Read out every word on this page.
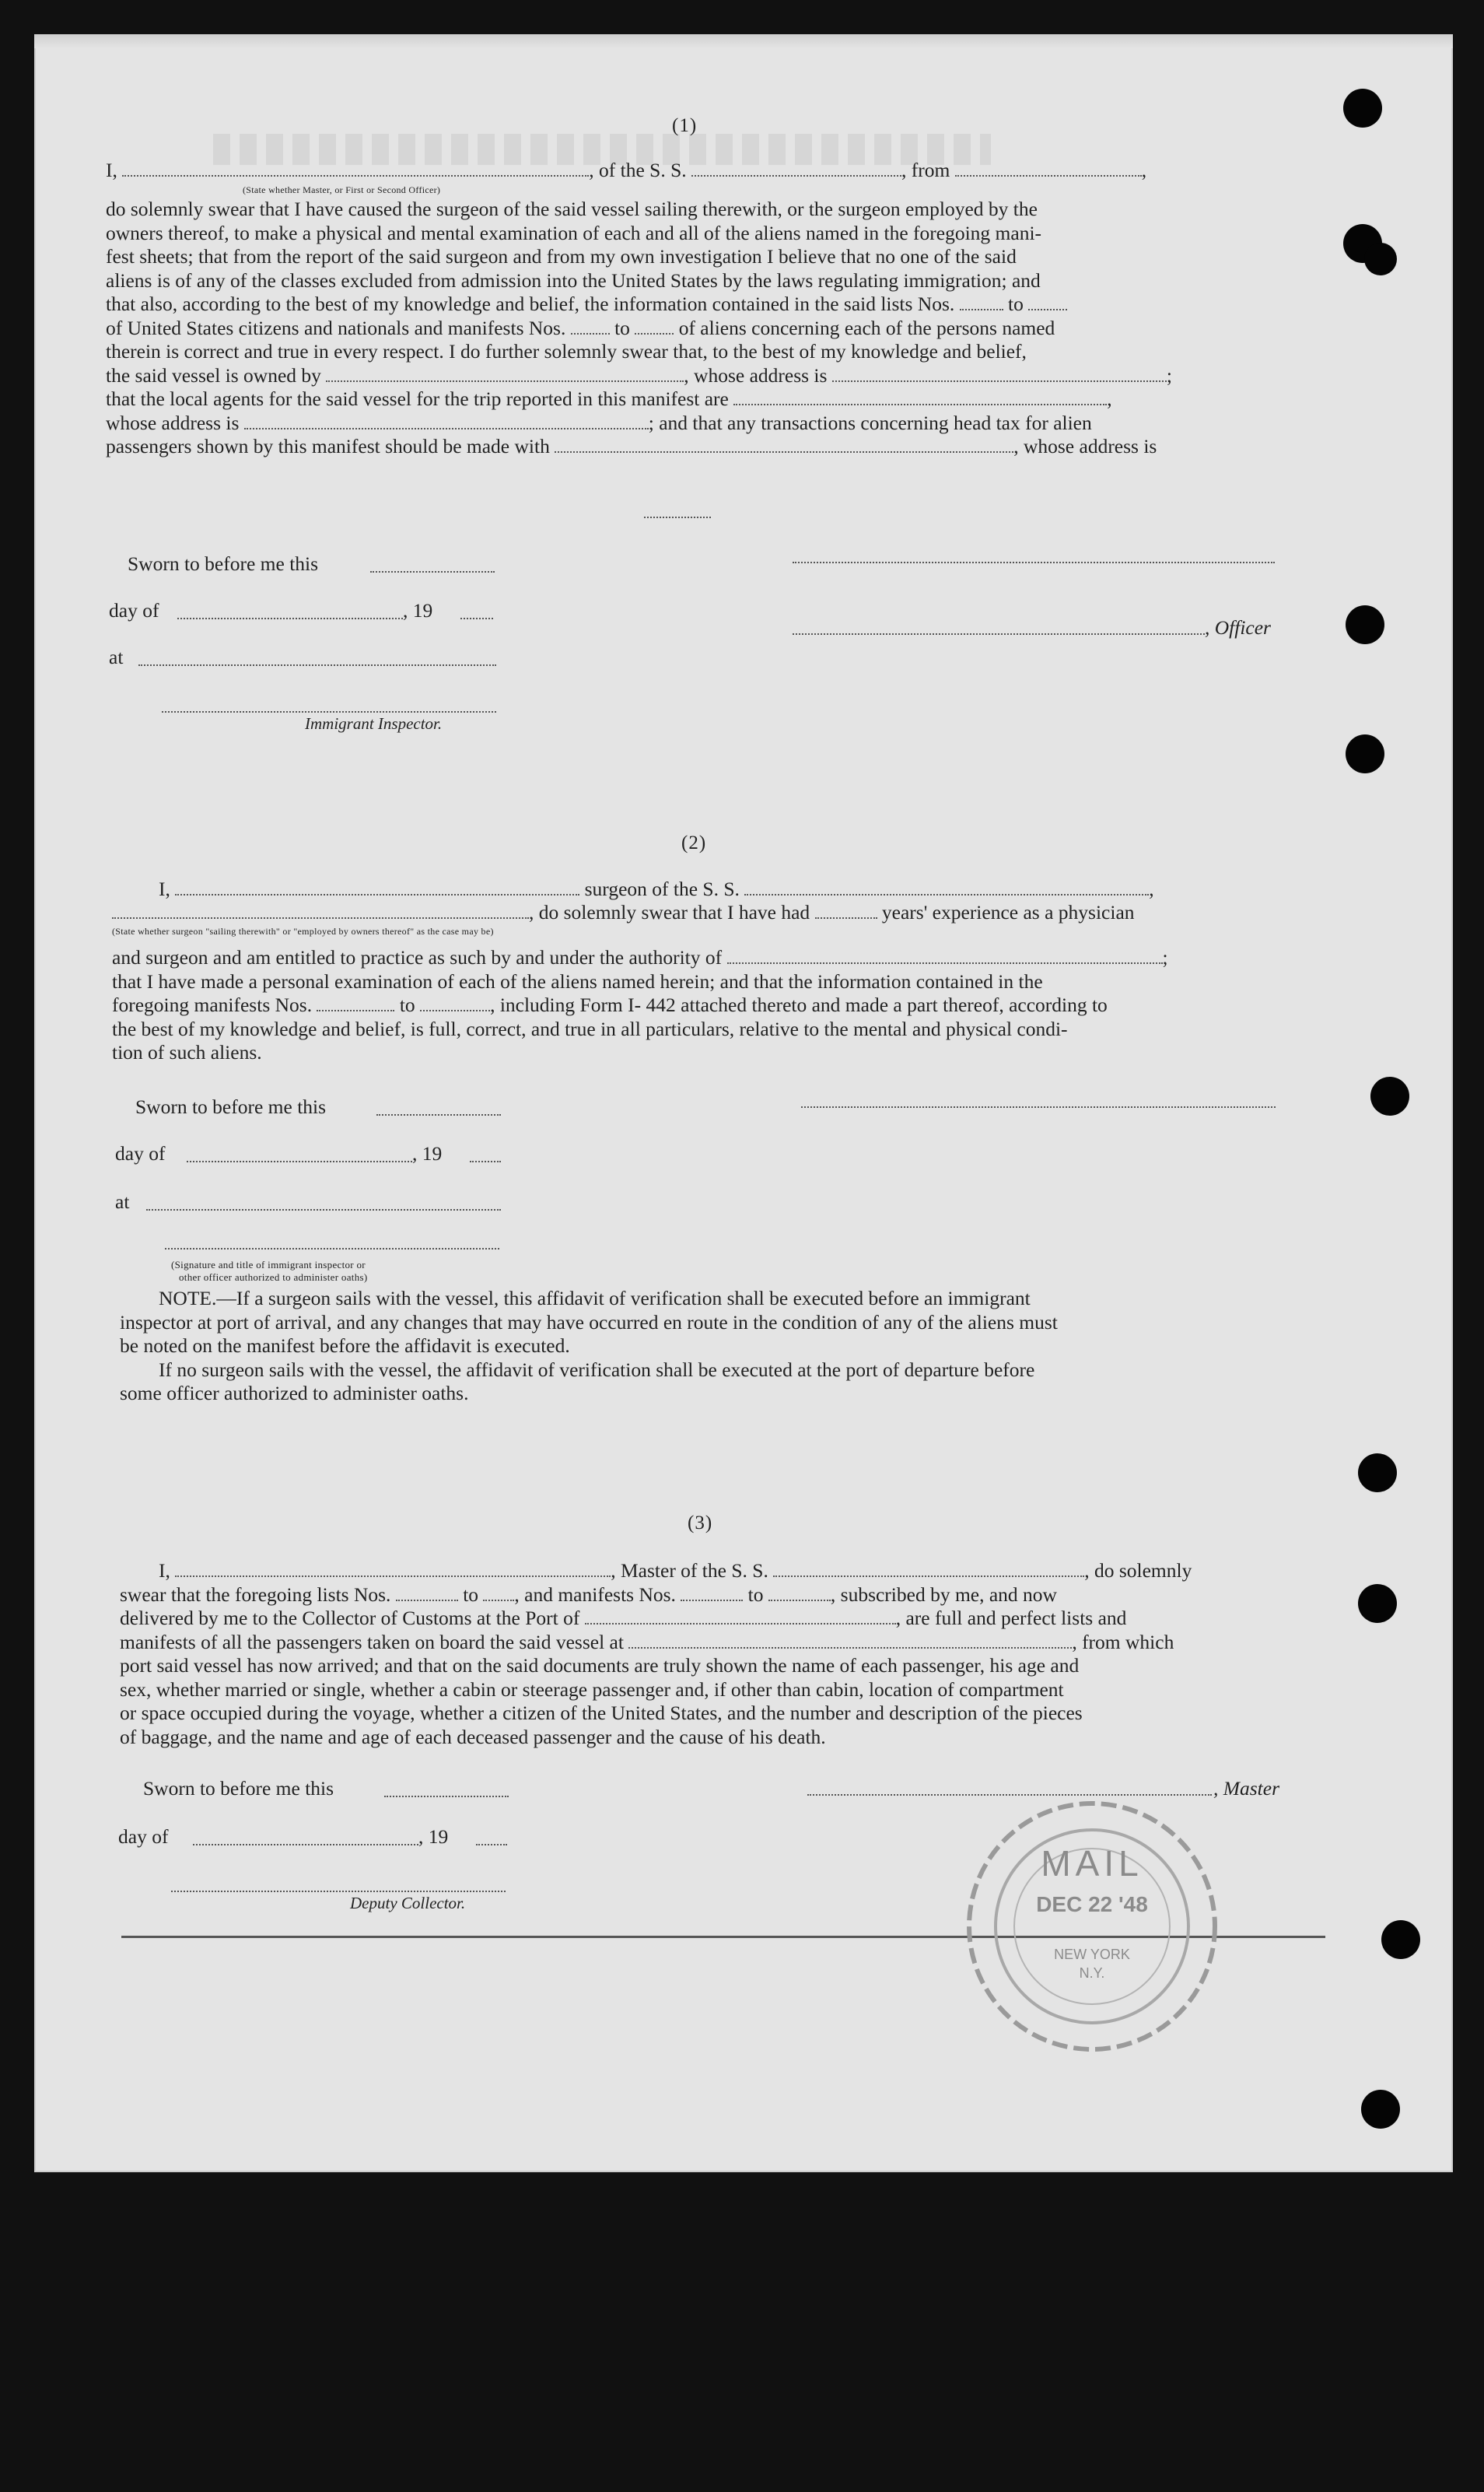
(1)
I,	, of the S. S.	, from	,
(State whether Master, or First or Second Officer)
do solemnly swear that I have caused the surgeon of the said vessel sailing therewith, or the surgeon employed by the
owners thereof, to make a physical and mental examination of each and all of the aliens named in the foregoing mani-
fest sheets; that from the report of the said surgeon and from my own investigation I believe that no one of the said
aliens is of any of the classes excluded from admission into the United States by the laws regulating immigration; and
that also, according to the best of my knowledge and belief, the information contained in the said lists Nos.	to
of United States citizens and nationals and manifests Nos. to of aliens concerning each of the persons named
therein is correct and true in every respect. I do further solemnly swear that, to the best of my knowledge and belief,
the said vessel is owned by	, whose address is	;
that the local agents for the said vessel for the trip reported in this manifest are	,
whose address is	; and that any transactions concerning head tax for alien
passengers shown by this manifest should be made with	, whose address is
Sworn to before me this
day of	, 19
, Officer
at
Immigrant Inspector.
(2)
I,	surgeon of the S. S.	,
, do solemnly swear that I have had	years' experience as a physician
(State whether surgeon "sailing therewith" or "employed by owners thereof" as the case may be)
and surgeon and am entitled to practice as such by and under the authority of	;
that I have made a personal examination of each of the aliens named herein; and that the information contained in the
foregoing manifests Nos.	to	, including Form I- 442 attached thereto and made a part thereof, according to
the best of my knowledge and belief, is full, correct, and true in all particulars, relative to the mental and physical condi-
tion of such aliens.
Sworn to before me this
day of	, 19
at
(Signature and title of immigrant inspector or
other officer authorized to administer oaths)
NOTE.—If a surgeon sails with the vessel, this affidavit of verification shall be executed before an immigrant
inspector at port of arrival, and any changes that may have occurred en route in the condition of any of the aliens must
be noted on the manifest before the affidavit is executed.
If no surgeon sails with the vessel, the affidavit of verification shall be executed at the port of departure before
some officer authorized to administer oaths.
(3)
I,	, Master of the S. S.	, do solemnly
swear that the foregoing lists Nos.	to , and manifests Nos.	to	, subscribed by me, and now
delivered by me to the Collector of Customs at the Port of	, are full and perfect lists and
manifests of all the passengers taken on board the said vessel at	, from which
port said vessel has now arrived; and that on the said documents are truly shown the name of each passenger, his age and
sex, whether married or single, whether a cabin or steerage passenger and, if other than cabin, location of compartment
or space occupied during the voyage, whether a citizen of the United States, and the number and description of the pieces
of baggage, and the name and age of each deceased passenger and the cause of his death.
Sworn to before me this	, Master
day of	, 19
Deputy Collector.
MAIL
DEC 22 '48
NEW YORK
N.Y.
